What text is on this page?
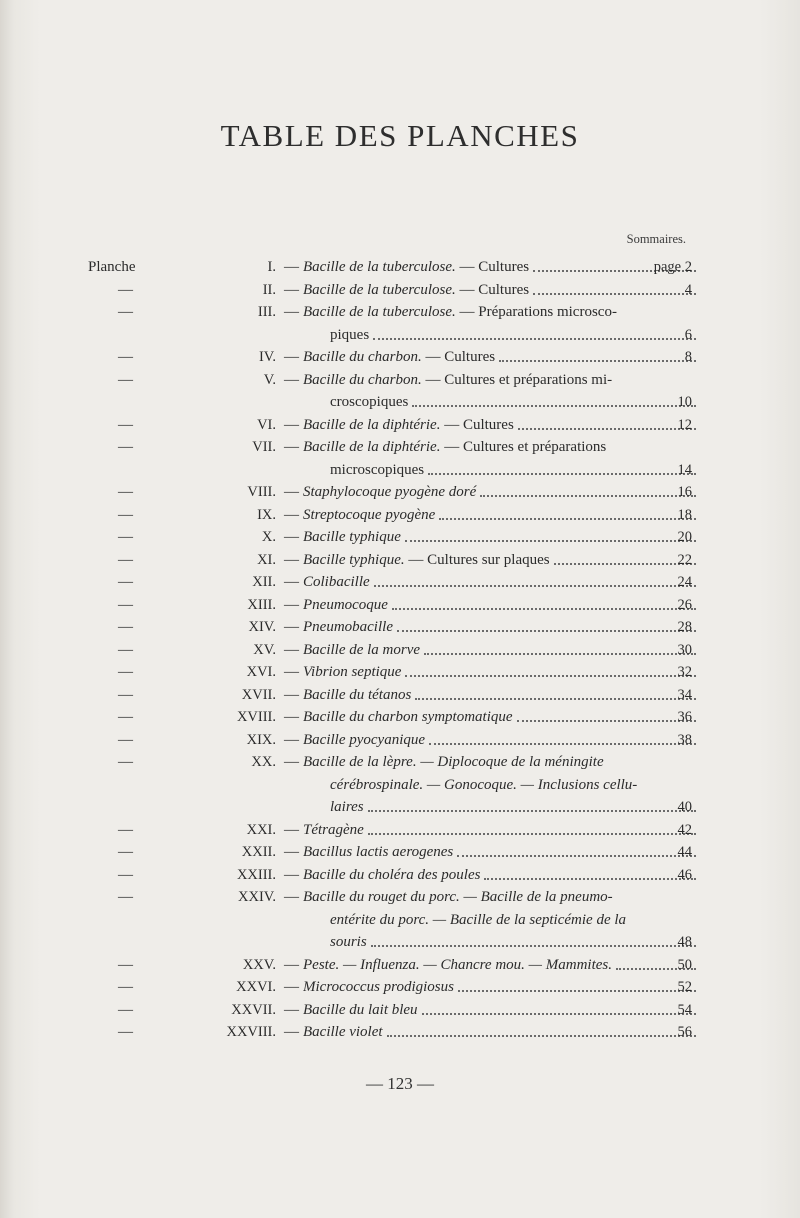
TABLE DES PLANCHES
Sommaires.
Planche	I. — Bacille de la tuberculose. — Cultures	page 2
—	II. — Bacille de la tuberculose. — Cultures	4
—	III. — Bacille de la tuberculose. — Préparations microsco-
piques	6
—	IV. — Bacille du charbon. — Cultures	8
—	V. — Bacille du charbon. — Cultures et préparations mi-
croscopiques	10
—	VI. — Bacille de la diphtérie. — Cultures	12
—	VII. — Bacille de la diphtérie. — Cultures et préparations
microscopiques	14
—	VIII. — Staphylocoque pyogène doré	16
—	IX. — Streptocoque pyogène	18
—	X. — Bacille typhique	20
—	XI. — Bacille typhique. — Cultures sur plaques	22
—	XII. — Colibacille	24
—	XIII. — Pneumocoque	26
—	XIV. — Pneumobacille	28
—	XV. — Bacille de la morve	30
—	XVI. — Vibrion septique	32
—	XVII. — Bacille du tétanos	34
—	XVIII. — Bacille du charbon symptomatique	36
—	XIX. — Bacille pyocyanique	38
—	XX. — Bacille de la lèpre. — Diplocoque de la méningite
cérébrospinale. — Gonocoque. — Inclusions cellu-
laires	40
—	XXI. — Tétragène	42
—	XXII. — Bacillus lactis aerogenes	44
—	XXIII. — Bacille du choléra des poules	46
—	XXIV. — Bacille du rouget du porc. — Bacille de la pneumo-
entérite du porc. — Bacille de la septicémie de la
souris	48
—	XXV. — Peste. — Influenza. — Chancre mou. — Mammites.	50
—	XXVI. — Micrococcus prodigiosus	52
—	XXVII. — Bacille du lait bleu	54
—	XXVIII. — Bacille violet	56
— 123 —
